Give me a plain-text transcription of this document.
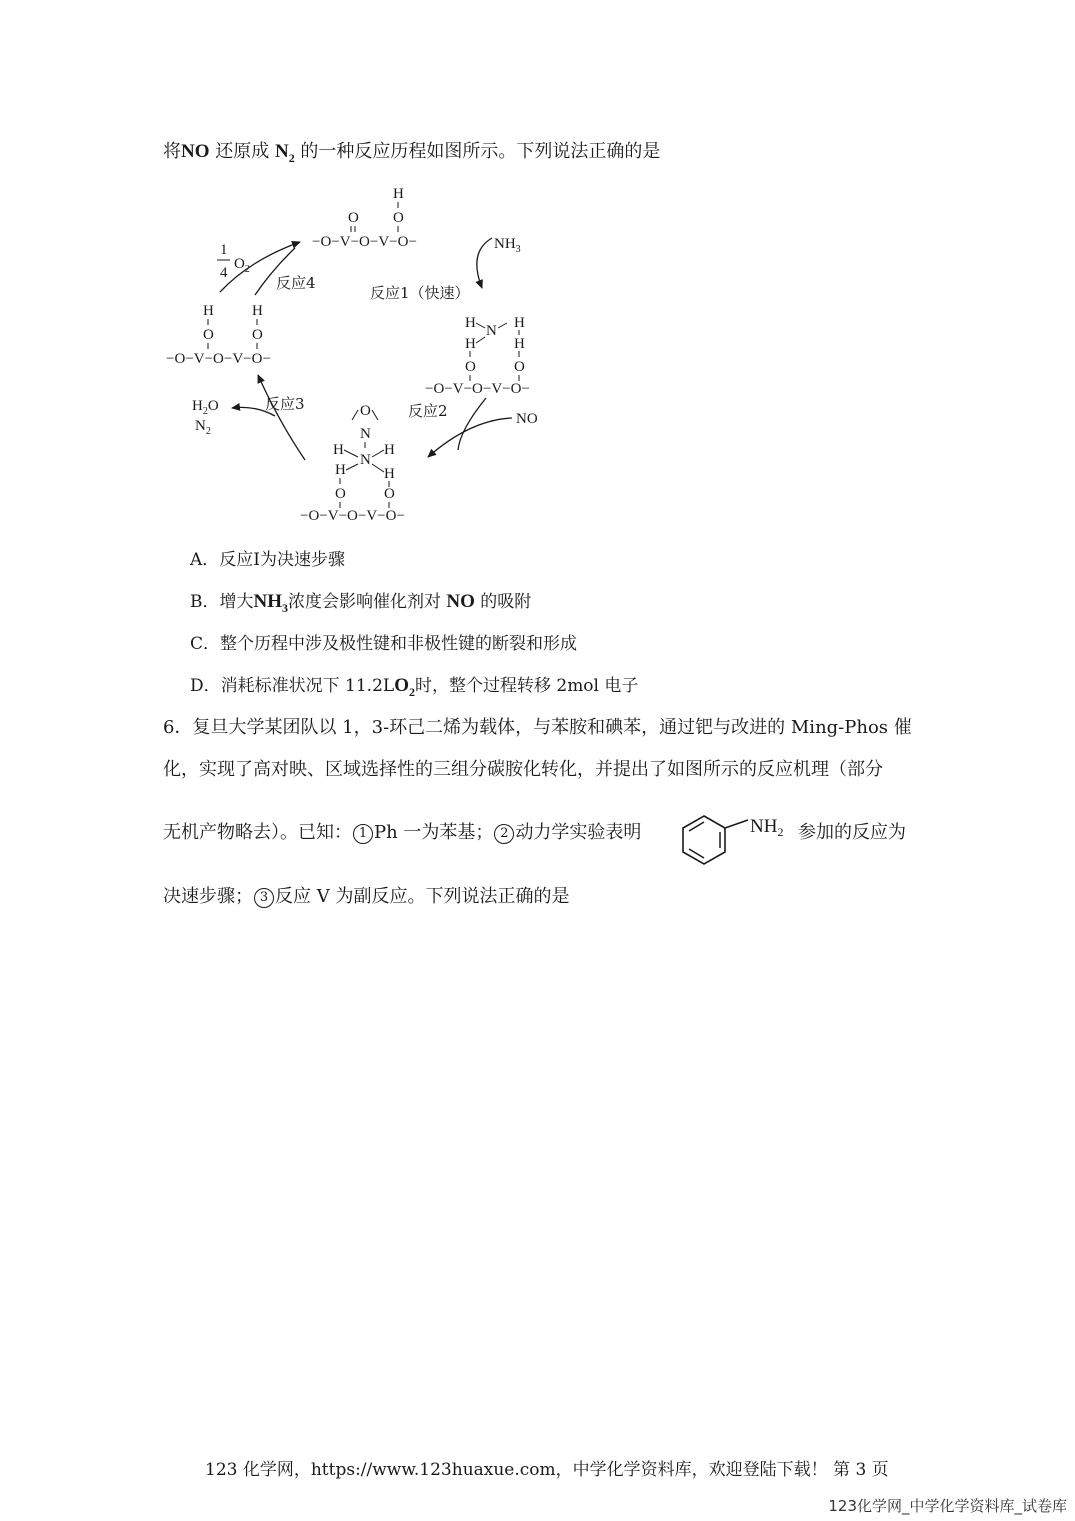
将NO 还原成 $N_2$ 的一种反应历程如图所示。下列说法正确的是
H
O
O
−O−V−O−V−O−	$NH_3$
反应1（快速）
H N H
H	H
O	O
−O−V−O−V−O−
NO
反应2
O
N
H
N
H
H	H
O	O
−O−V−O−V−O−
反应3
$H_2O$
$N_2$
H
O
H
O
−O−V−O−V−O−
反应4
1
4
$O_2$
A．反应I为决速步骤
B．增大$NH_3$浓度会影响催化剂对 NO 的吸附
C．整个历程中涉及极性键和非极性键的断裂和形成
D．消耗标准状况下 $11.2LO_2$时，整个过程转移 2mol 电子
6．复旦大学某团队以 1，3-环己二烯为载体，与苯胺和碘苯，通过钯与改进的 Ming-Phos 催
化，实现了高对映、区域选择性的三组分碳胺化转化，并提出了如图所示的反应机理（部分
无机产物略去）。已知： 1 Ph 一为苯基； 2 动力学实验表明	$NH_2$ 参加的反应为
决速步骤； 3 反应 V 为副反应。下列说法正确的是
123 化学网，https://www.123huaxue.com，中学化学资料库，欢迎登陆下载！ 第 3 页
123化学网_中学化学资料库_试卷库
